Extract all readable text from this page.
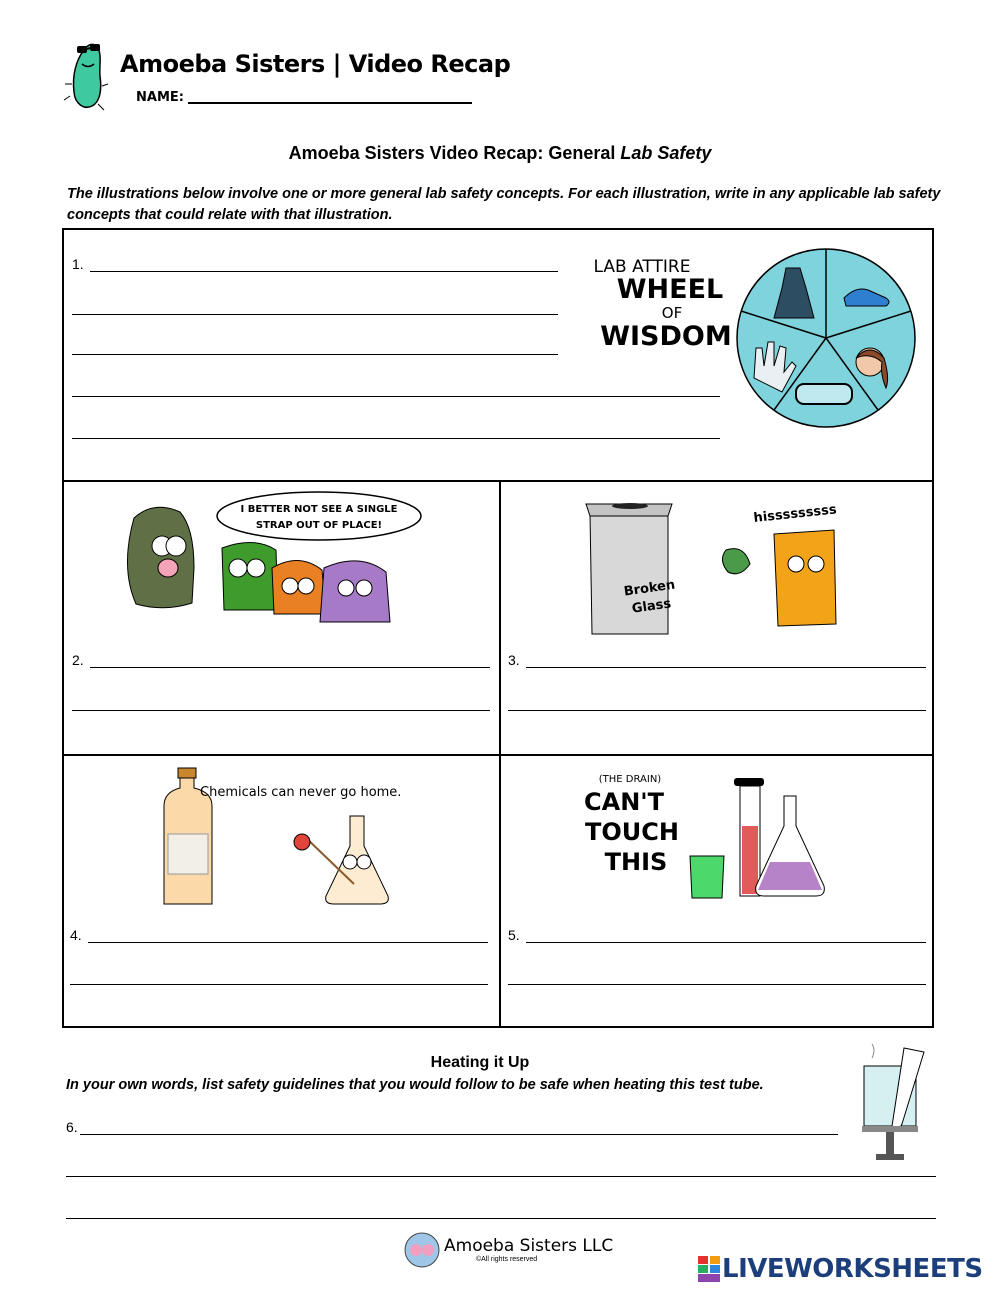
Amoeba Sisters | Video Recap
NAME:
Amoeba Sisters Video Recap: General Lab Safety
The illustrations below involve one or more general lab safety concepts. For each illustration, write in any applicable lab safety concepts that could relate with that illustration.
1.	LAB ATTIRE
WHEEL
OF
WISDOM
I BETTER NOT SEE A SINGLE
STRAP OUT OF PLACE!
2.
Broken
Glass
hisssssssss
3.
Chemicals can never go home.
4.
(THE DRAIN)
CAN'T
TOUCH
THIS
5.
Heating it Up
In your own words, list safety guidelines that you would follow to be safe when heating this test tube.
6.
Amoeba Sisters LLC
©All rights reserved	LIVEWORKSHEETS
